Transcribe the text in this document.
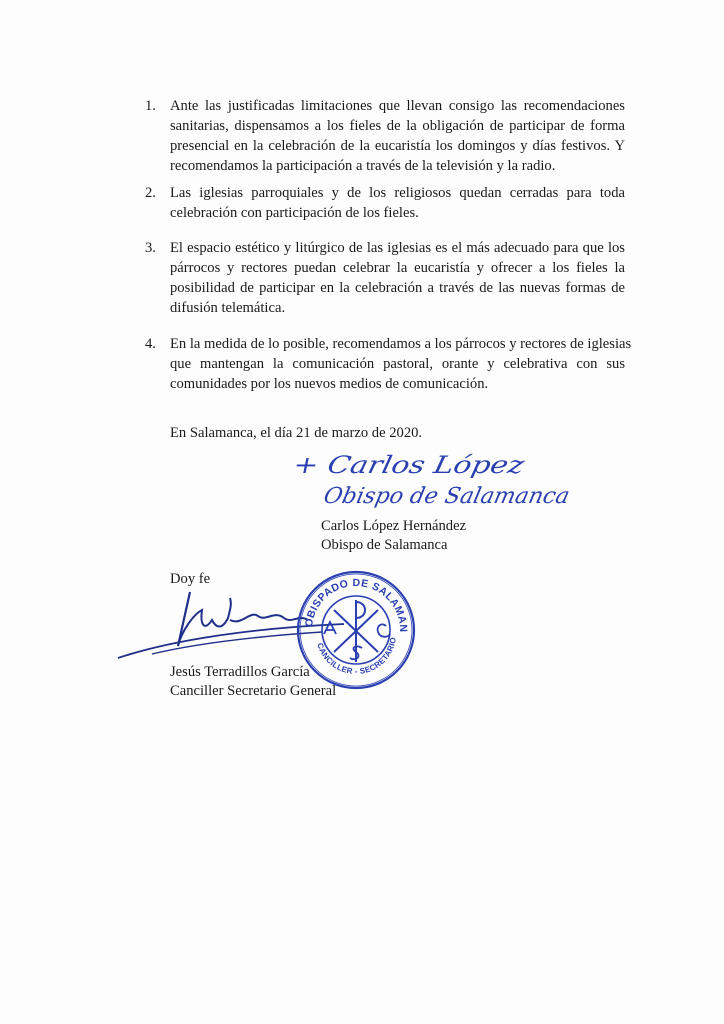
1. Ante las justificadas limitaciones que llevan consigo las recomendaciones
sanitarias, dispensamos a los fieles de la obligación de participar de forma
presencial en la celebración de la eucaristía los domingos y días festivos. Y
recomendamos la participación a través de la televisión y la radio.
2. Las iglesias parroquiales y de los religiosos quedan cerradas para toda
celebración con participación de los fieles.
3. El espacio estético y litúrgico de las iglesias es el más adecuado para que los
párrocos y rectores puedan celebrar la eucaristía y ofrecer a los fieles la
posibilidad de participar en la celebración a través de las nuevas formas de
difusión telemática.
4. En la medida de lo posible, recomendamos a los párrocos y rectores de iglesias
que mantengan la comunicación pastoral, orante y celebrativa con sus
comunidades por los nuevos medios de comunicación.
En Salamanca, el día 21 de marzo de 2020.
+ Carlos López
Obispo de Salamanca
Carlos López Hernández
Obispo de Salamanca
Doy fe
OBISPADO DE SALAMANCA
CANCILLER - SECRETARIO
Jesús Terradillos García
Canciller Secretario General
